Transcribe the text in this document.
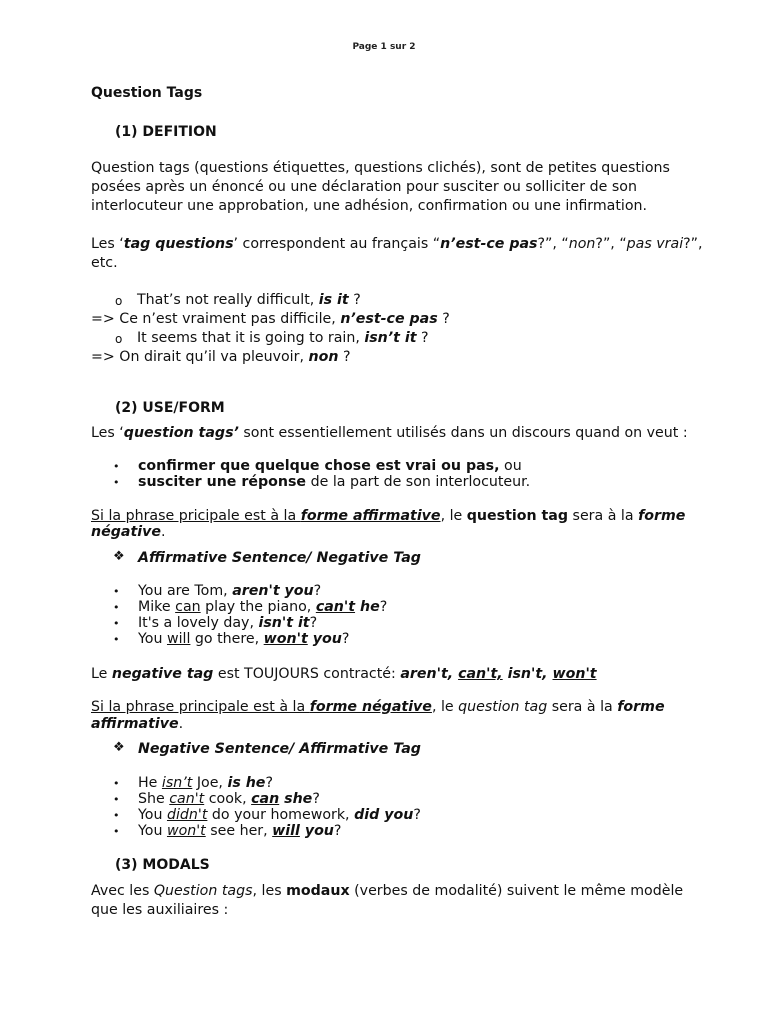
Page 1 sur 2
Question Tags
(1) DEFITION
Question tags (questions étiquettes, questions clichés), sont de petites questions
posées après un énoncé ou une déclaration pour susciter ou solliciter de son
interlocuteur une approbation, une adhésion, confirmation ou une infirmation.
Les ‘tag questions’ correspondent au français “n’est-ce pas?”, “non?”, “pas vrai?”,
etc.
o That’s not really difficult, is it ?
=> Ce n’est vraiment pas difficile, n’est-ce pas ?
o It seems that it is going to rain, isn’t it ?
=> On dirait qu’il va pleuvoir, non ?
(2) USE/FORM
Les ‘question tags’ sont essentiellement utilisés dans un discours quand on veut :
• confirmer que quelque chose est vrai ou pas, ou
• susciter une réponse de la part de son interlocuteur.
Si la phrase pricipale est à la forme affirmative, le question tag sera à la forme
négative.
❖ Affirmative Sentence/ Negative Tag
• You are Tom, aren't you?
• Mike can play the piano, can't he?
• It's a lovely day, isn't it?
• You will go there, won't you?
Le negative tag est TOUJOURS contracté: aren't, can't, isn't, won't
Si la phrase principale est à la forme négative, le question tag sera à la forme
affirmative.
❖ Negative Sentence/ Affirmative Tag
• He isn’t Joe, is he?
• She can't cook, can she?
• You didn't do your homework, did you?
• You won't see her, will you?
(3) MODALS
Avec les Question tags, les modaux (verbes de modalité) suivent le même modèle
que les auxiliaires :
